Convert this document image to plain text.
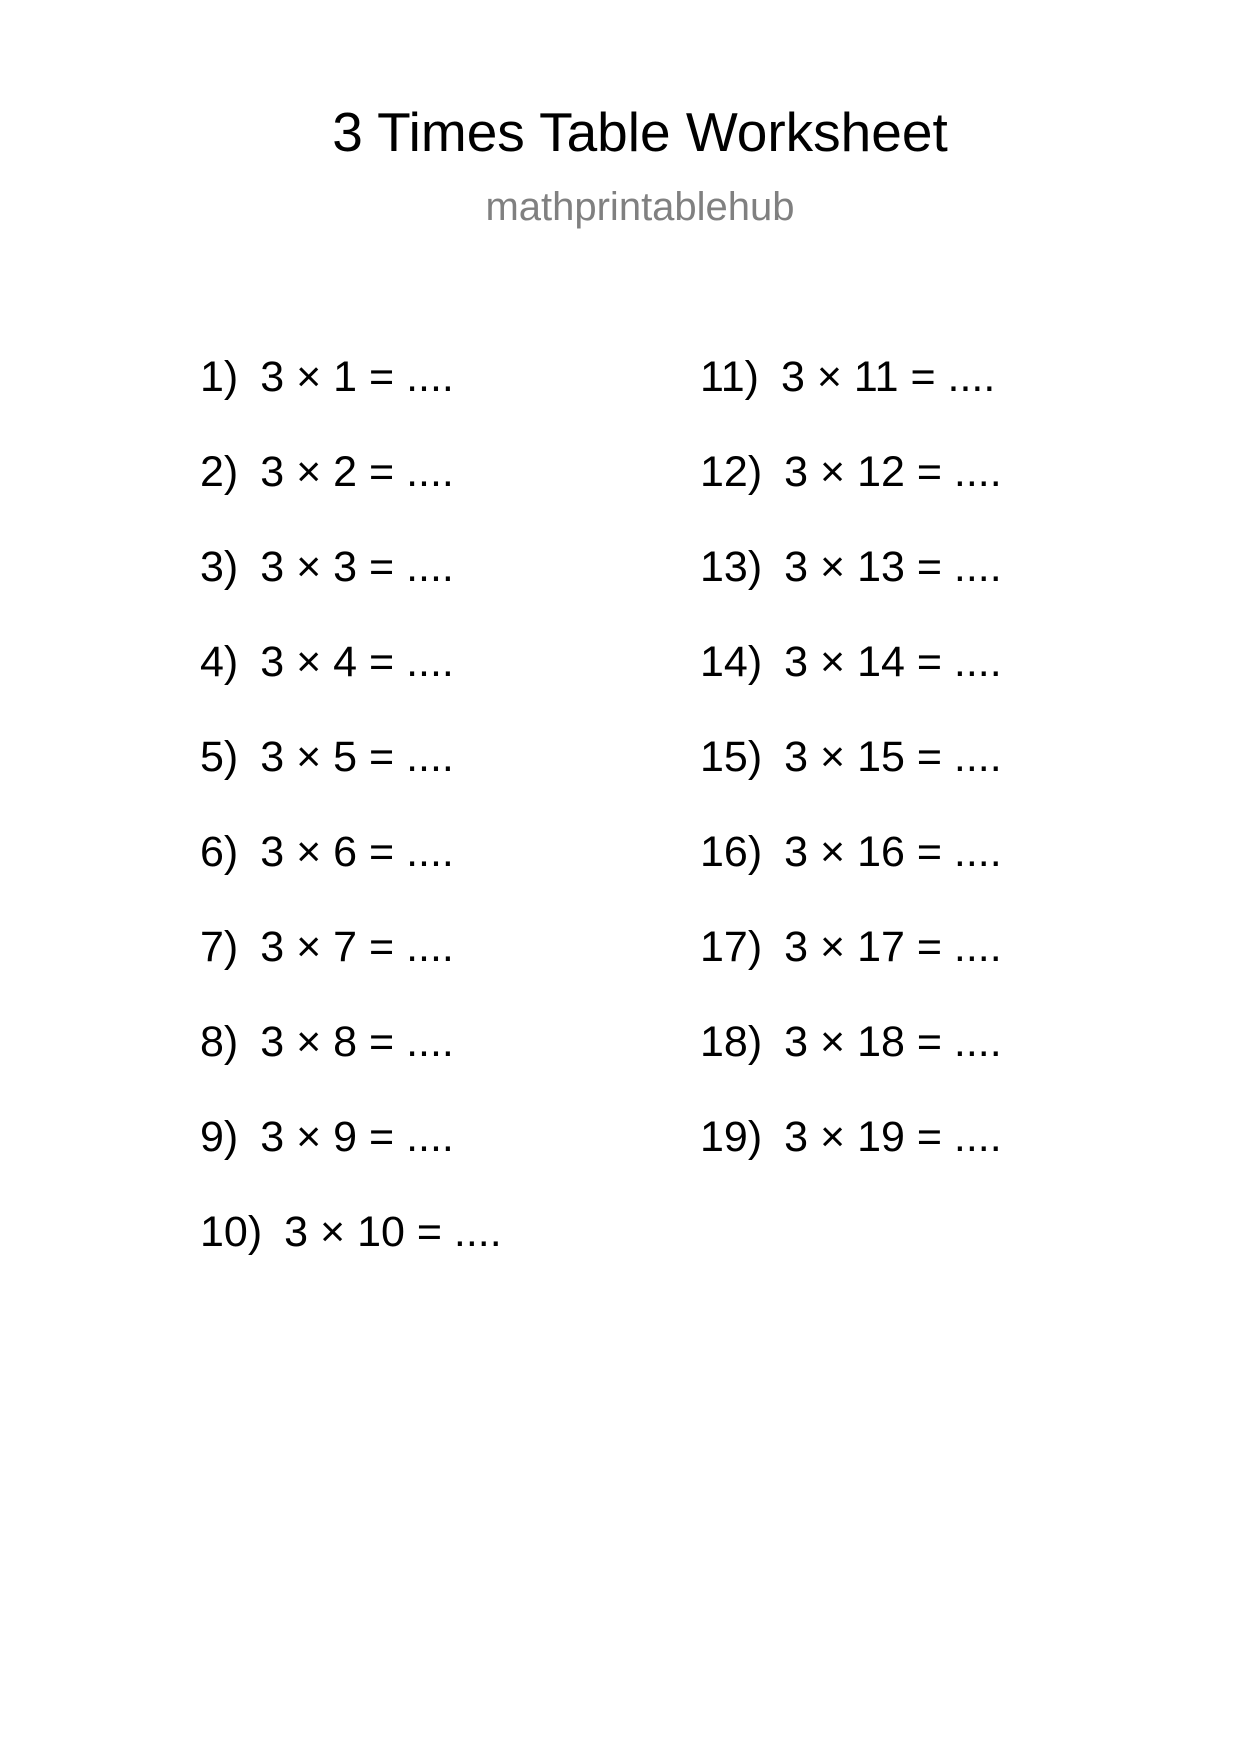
3 Times Table Worksheet
mathprintablehub
1) 3 × 1 = ....
2) 3 × 2 = ....
3) 3 × 3 = ....
4) 3 × 4 = ....
5) 3 × 5 = ....
6) 3 × 6 = ....
7) 3 × 7 = ....
8) 3 × 8 = ....
9) 3 × 9 = ....
10) 3 × 10 = ....
11) 3 × 11 = ....
12) 3 × 12 = ....
13) 3 × 13 = ....
14) 3 × 14 = ....
15) 3 × 15 = ....
16) 3 × 16 = ....
17) 3 × 17 = ....
18) 3 × 18 = ....
19) 3 × 19 = ....
